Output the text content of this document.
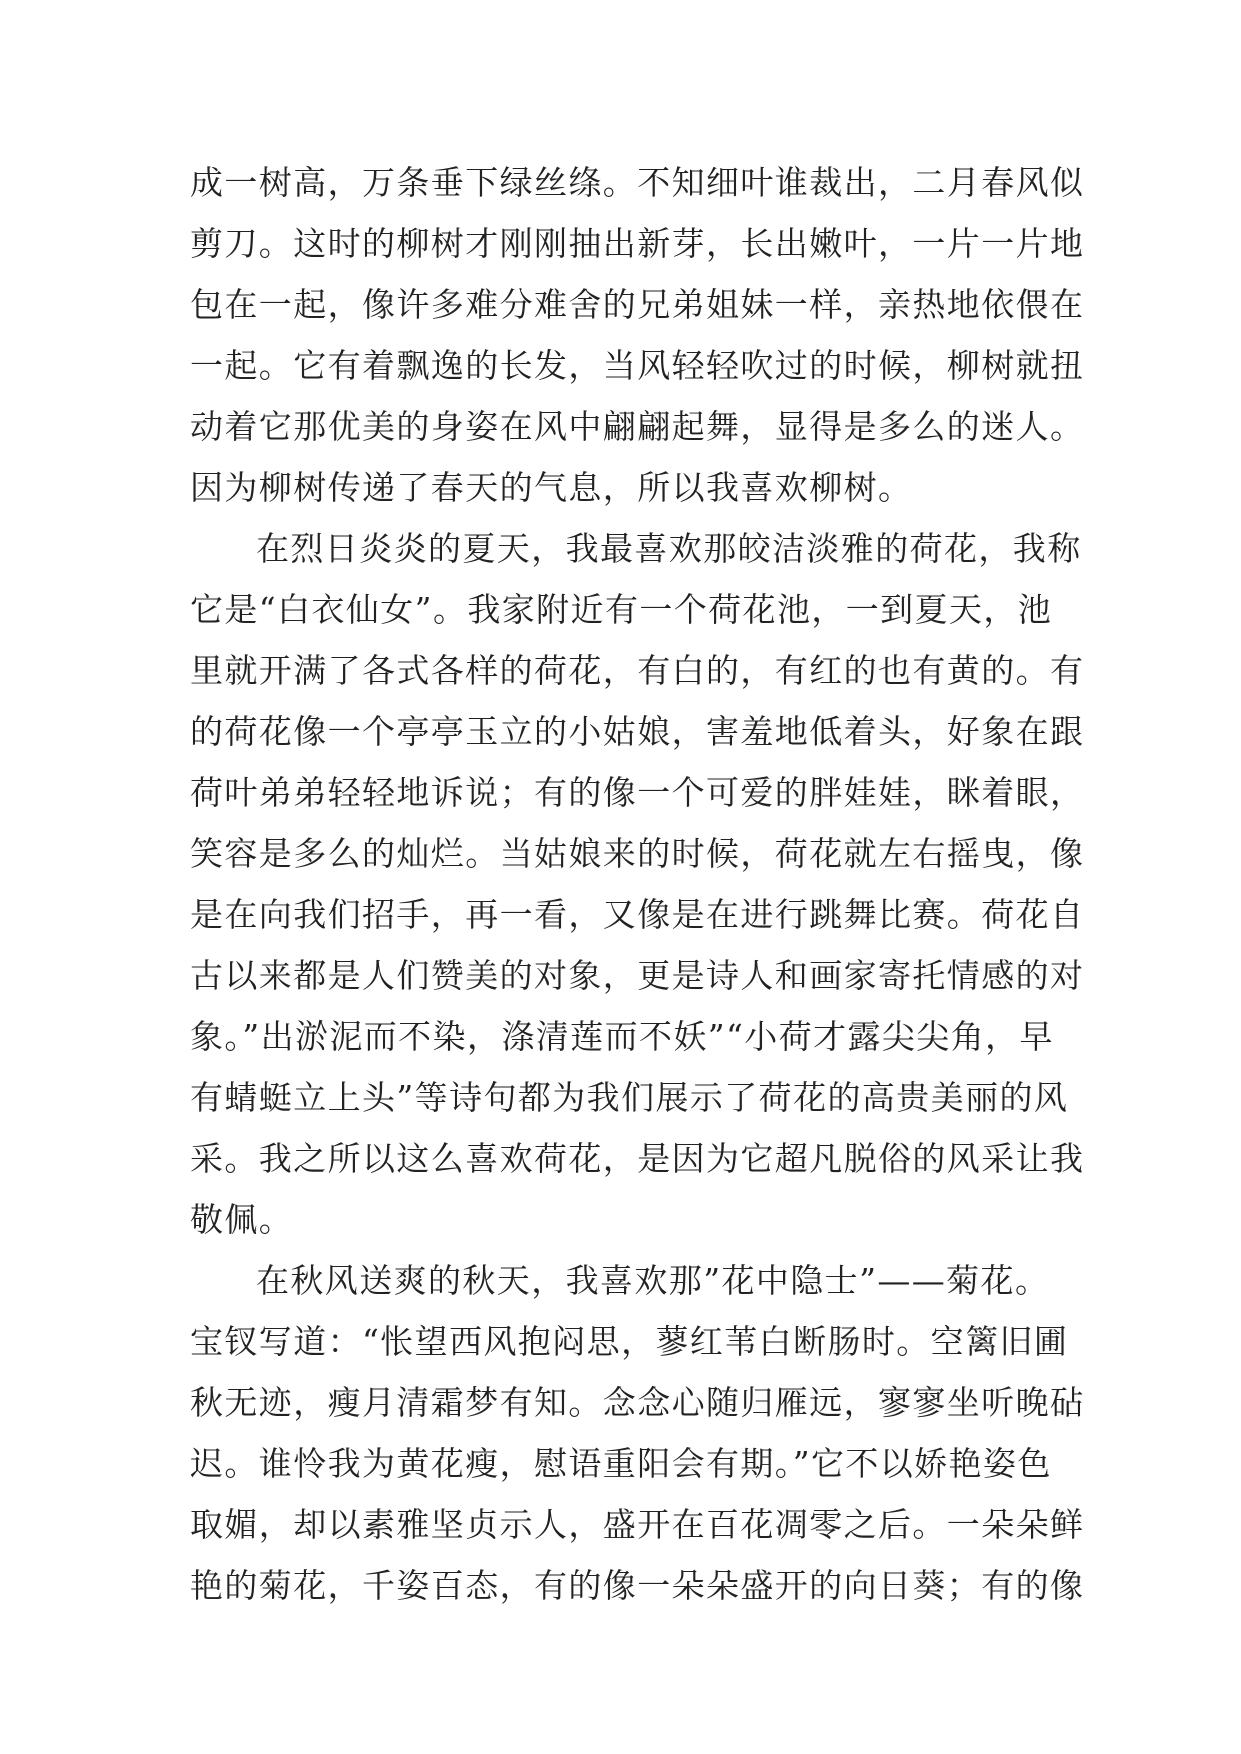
成一树高，万条垂下绿丝绦。不知细叶谁裁出，二月春风似
剪刀。这时的柳树才刚刚抽出新芽，长出嫩叶，一片一片地
包在一起，像许多难分难舍的兄弟姐妹一样，亲热地依偎在
一起。它有着飘逸的长发，当风轻轻吹过的时候，柳树就扭
动着它那优美的身姿在风中翩翩起舞，显得是多么的迷人。
因为柳树传递了春天的气息，所以我喜欢柳树。
在烈日炎炎的夏天，我最喜欢那皎洁淡雅的荷花，我称
它是“白衣仙女”。我家附近有一个荷花池，一到夏天，池
里就开满了各式各样的荷花，有白的，有红的也有黄的。有
的荷花像一个亭亭玉立的小姑娘，害羞地低着头，好象在跟
荷叶弟弟轻轻地诉说；有的像一个可爱的胖娃娃，眯着眼，
笑容是多么的灿烂。当姑娘来的时候，荷花就左右摇曳，像
是在向我们招手，再一看，又像是在进行跳舞比赛。荷花自
古以来都是人们赞美的对象，更是诗人和画家寄托情感的对
象。”出淤泥而不染，涤清莲而不妖”“小荷才露尖尖角，早
有蜻蜓立上头”等诗句都为我们展示了荷花的高贵美丽的风
采。我之所以这么喜欢荷花，是因为它超凡脱俗的风采让我
敬佩。
在秋风送爽的秋天，我喜欢那”花中隐士”——菊花。
宝钗写道：“怅望西风抱闷思，蓼红苇白断肠时。空篱旧圃
秋无迹，瘦月清霜梦有知。念念心随归雁远，寥寥坐听晚砧
迟。谁怜我为黄花瘦，慰语重阳会有期。”它不以娇艳姿色
取媚，却以素雅坚贞示人，盛开在百花凋零之后。一朵朵鲜
艳的菊花，千姿百态，有的像一朵朵盛开的向日葵；有的像
